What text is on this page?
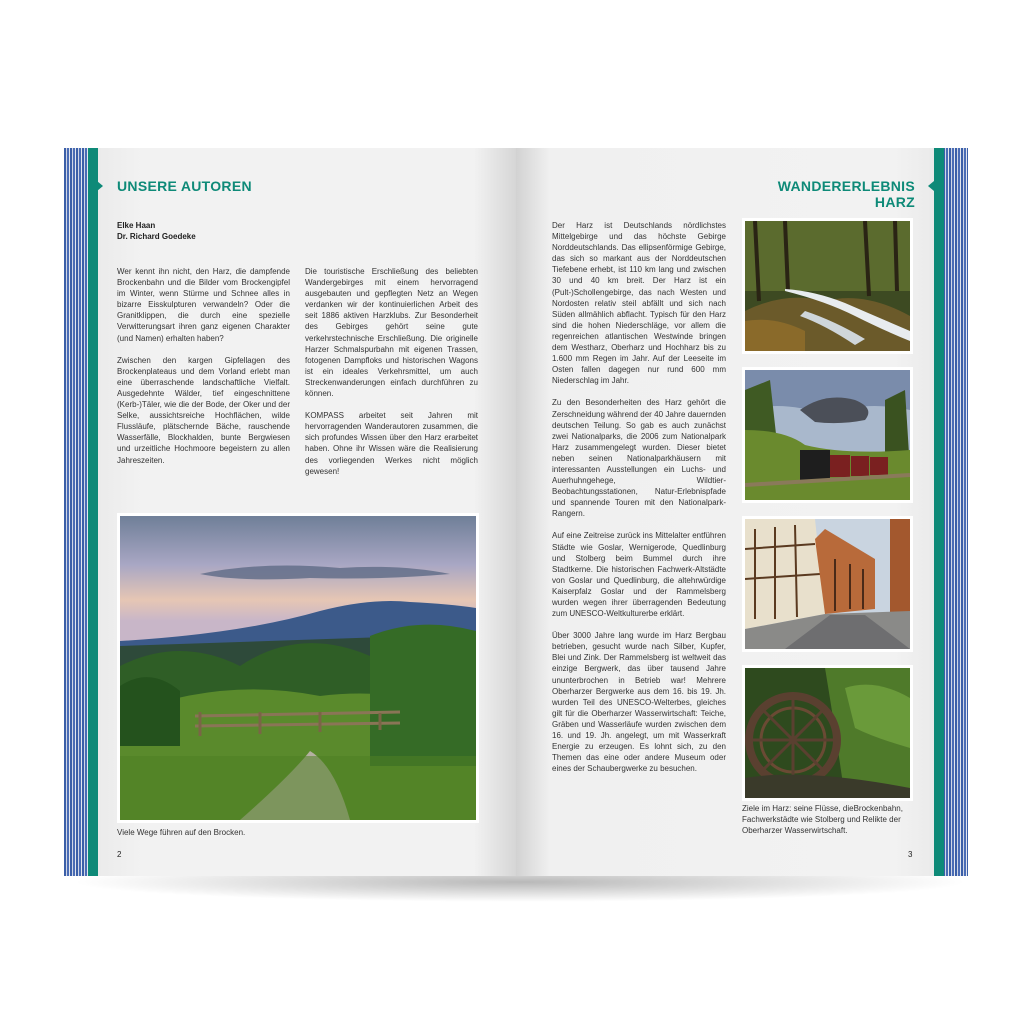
UNSERE AUTOREN
Elke Haan
Dr. Richard Goedeke

Wer kennt ihn nicht, den Harz, die dampfende Brockenbahn und die Bilder vom Brockengipfel im Winter, wenn Stürme und Schnee alles in bizarre Eisskulpturen verwandeln? Oder die Granitklippen, die durch eine spezielle Verwitterungsart ihren ganz eigenen Charakter (und Namen) erhalten haben?

Zwischen den kargen Gipfellagen des Brockenplateaus und dem Vorland erlebt man eine überraschende landschaftliche Vielfalt. Ausgedehnte Wälder, tief eingeschnittene (Kerb-)Täler, wie die der Bode, der Oker und der Selke, aussichtsreiche Hochflächen, wilde Flussläufe, plätschernde Bäche, rauschende Wasserfälle, Blockhalden, bunte Bergwiesen und urzeitliche Hochmoore begeistern zu allen Jahreszeiten.

Die touristische Erschließung des beliebten Wandergebirges mit einem hervorragend ausgebauten und gepflegten Netz an Wegen verdanken wir der kontinuierlichen Arbeit des seit 1886 aktiven Harzklubs. Zur Besonderheit des Gebirges gehört seine gute verkehrstechnische Erschließung. Die originelle Harzer Schmalspurbahn mit eigenen Trassen, fotogenen Dampfloks und historischen Wagons ist ein ideales Verkehrsmittel, um auch Streckenwanderungen einfach durchführen zu können.

KOMPASS arbeitet seit Jahren mit hervorragenden Wanderautoren zusammen, die sich profundes Wissen über den Harz erarbeitet haben. Ohne ihr Wissen wäre die Realisierung des vorliegenden Werkes nicht möglich gewesen!

Viele Wege führen auf den Brocken.
2
WANDERERLEBNIS HARZ

Der Harz ist Deutschlands nördlichstes Mittelgebirge und das höchste Gebirge Norddeutschlands. Das ellipsenförmige Gebirge, das sich so markant aus der Norddeutschen Tiefebene erhebt, ist 110 km lang und zwischen 30 und 40 km breit. Der Harz ist ein (Pult-)Schollengebirge, das nach Westen und Nordosten relativ steil abfällt und sich nach Süden allmählich abflacht. Typisch für den Harz sind die hohen Niederschläge, vor allem die regenreichen atlantischen Westwinde bringen dem Westharz, Oberharz und Hochharz bis zu 1.600 mm Regen im Jahr. Auf der Leeseite im Osten fallen dagegen nur rund 600 mm Niederschlag im Jahr.

Zu den Besonderheiten des Harz gehört die Zerschneidung während der 40 Jahre dauernden deutschen Teilung. So gab es auch zunächst zwei Nationalparks, die 2006 zum Nationalpark Harz zusammengelegt wurden. Dieser bietet neben seinen Nationalparkhäusern mit interessanten Ausstellungen ein Luchs- und Auerhuhngehege, Wildtier-Beobachtungsstationen, Natur-Erlebnispfade und spannende Touren mit den Nationalpark-Rangern.

Auf eine Zeitreise zurück ins Mittelalter entführen Städte wie Goslar, Wernigerode, Quedlinburg und Stolberg beim Bummel durch ihre Stadtkerne. Die historischen Fachwerk-Altstädte von Goslar und Quedlinburg, die altehrwürdige Kaiserpfalz Goslar und der Rammelsberg wurden wegen ihrer überragenden Bedeutung zum UNESCO-Weltkulturerbe erklärt.

Über 3000 Jahre lang wurde im Harz Bergbau betrieben, gesucht wurde nach Silber, Kupfer, Blei und Zink. Der Rammelsberg ist weltweit das einzige Bergwerk, das über tausend Jahre ununterbrochen in Betrieb war! Mehrere Oberharzer Bergwerke aus dem 16. bis 19. Jh. wurden Teil des UNESCO-Welterbes, gleiches gilt für die Oberharzer Wasserwirtschaft: Teiche, Gräben und Wasserläufe wurden zwischen dem 16. und 19. Jh. angelegt, um mit Wasserkraft Energie zu erzeugen. Es lohnt sich, zu den Themen das eine oder andere Museum oder eines der Schaubergwerke zu besuchen.

Ziele im Harz: seine Flüsse, dieBrockenbahn, Fachwerkstädte wie Stolberg und Relikte der Oberharzer Wasserwirtschaft.
3
